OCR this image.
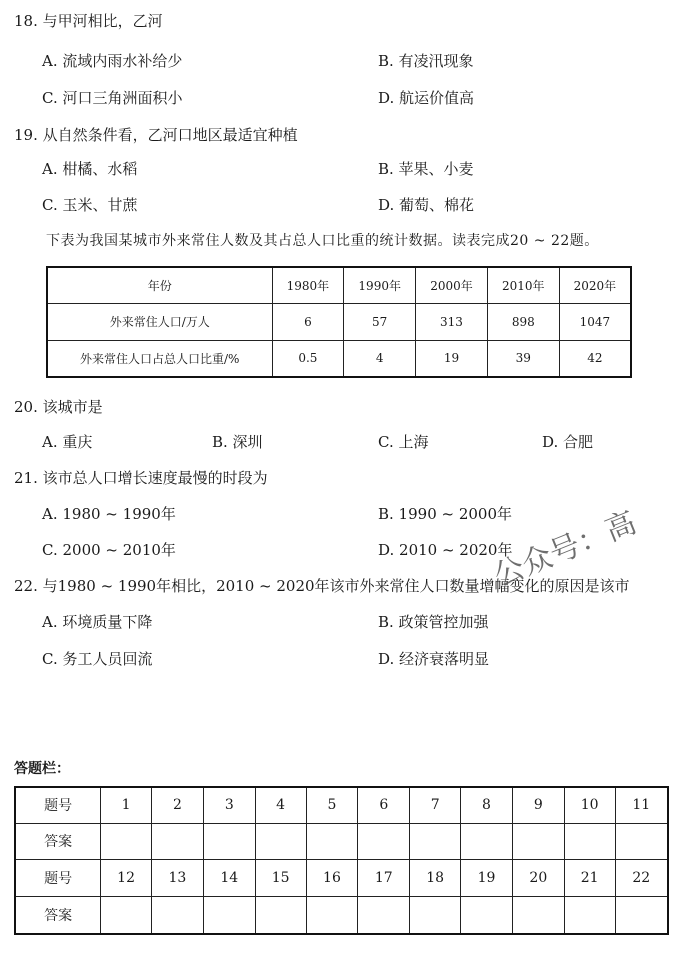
18. 与甲河相比，乙河
A. 流域内雨水补给少	B. 有凌汛现象
C. 河口三角洲面积小	D. 航运价值高
19. 从自然条件看，乙河口地区最适宜种植
A. 柑橘、水稻	B. 苹果、小麦
C. 玉米、甘蔗	D. 葡萄、棉花
下表为我国某城市外来常住人数及其占总人口比重的统计数据。读表完成20 ~ 22题。
年份	1980年	1990年	2000年	2010年	2020年
外来常住人口/万人	6	57	313	898	1047
外来常住人口占总人口比重/%	0.5	4	19	39	42
20. 该城市是
A. 重庆	B. 深圳	C. 上海	D. 合肥
21. 该市总人口增长速度最慢的时段为
A. 1980 ~ 1990年	B. 1990 ~ 2000年
C. 2000 ~ 2010年	D. 2010 ~ 2020年
22. 与1980 ~ 1990年相比，2010 ~ 2020年该市外来常住人口数量增幅变化的原因是该市
A. 环境质量下降	B. 政策管控加强
C. 务工人员回流	D. 经济衰落明显
公众号：高
答题栏：
题号	1	2	3	4	5	6	7	8	9	10	11
答案											
题号	12	13	14	15	16	17	18	19	20	21	22
答案											
